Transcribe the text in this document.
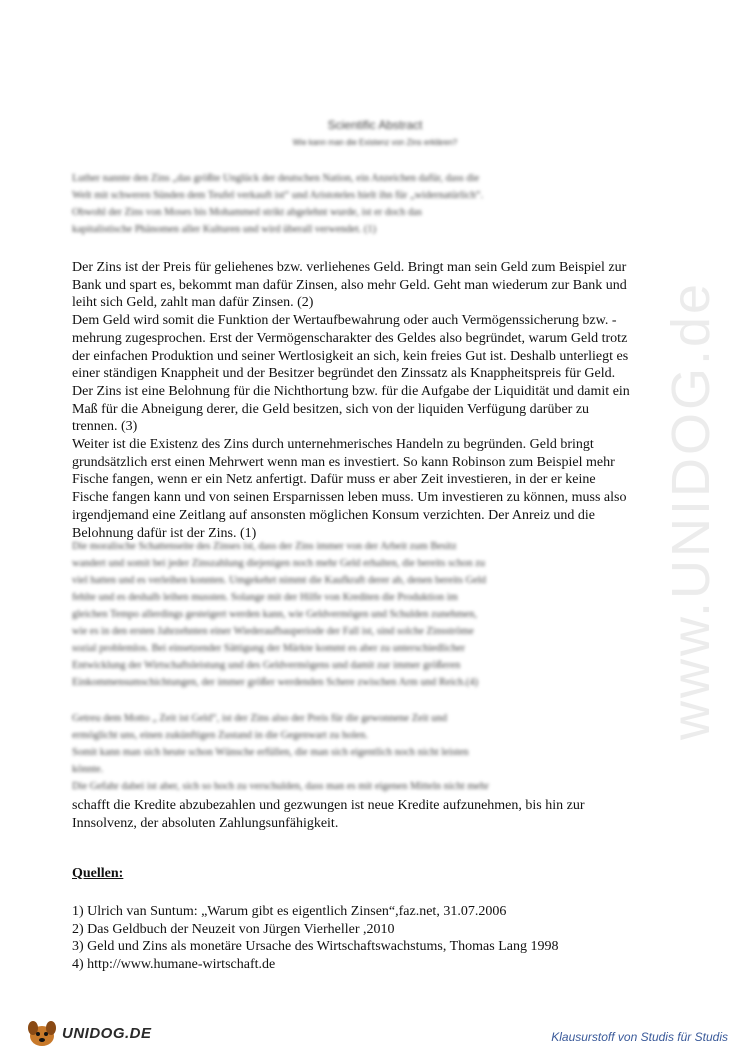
www.UNIDOG.de
Scientific Abstract
Wie kann man die Existenz von Zins erklären?

Luther nannte den Zins „das größte Unglück der deutschen Nation, ein Anzeichen dafür, dass die

Welt mit schweren Sünden dem Teufel verkauft ist“ und Aristoteles hielt ihn für „widernatürlich“.

Obwohl der Zins von Moses bis Mohammed strikt abgelehnt wurde, ist er doch das

kapitalistische Phänomen aller Kulturen und wird überall verwendet. (1)

Der Zins ist der Preis für geliehenes bzw. verliehenes Geld. Bringt man sein Geld zum Beispiel zur

Bank und spart es, bekommt man dafür Zinsen, also mehr Geld. Geht man wiederum zur Bank und

leiht sich Geld, zahlt man dafür Zinsen. (2)

Dem Geld wird somit die Funktion der Wertaufbewahrung oder auch Vermögenssicherung bzw. -

mehrung zugesprochen. Erst der Vermögenscharakter des Geldes also begründet, warum Geld trotz

der einfachen Produktion und seiner Wertlosigkeit an sich, kein freies Gut ist. Deshalb unterliegt es

einer ständigen Knappheit und der Besitzer begründet den Zinssatz als Knappheitspreis für Geld.

Der Zins ist eine Belohnung für die Nichthortung bzw. für die Aufgabe der Liquidität und damit ein

Maß für die Abneigung derer, die Geld besitzen, sich von der liquiden Verfügung darüber zu

trennen. (3)

Weiter ist die Existenz des Zins durch unternehmerisches Handeln zu begründen. Geld bringt

grundsätzlich erst einen Mehrwert wenn man es investiert. So kann Robinson zum Beispiel mehr

Fische fangen, wenn er ein Netz anfertigt. Dafür muss er aber Zeit investieren, in der er keine

Fische fangen kann und von seinen Ersparnissen leben muss. Um investieren zu können, muss also

irgendjemand eine Zeitlang auf ansonsten möglichen Konsum verzichten. Der Anreiz und die

Belohnung dafür ist der Zins. (1)

Die moralische Schattenseite des Zinses ist, dass der Zins immer von der Arbeit zum Besitz

wandert und somit bei jeder Zinszahlung diejenigen noch mehr Geld erhalten, die bereits schon zu

viel hatten und es verleihen konnten. Umgekehrt nimmt die Kaufkraft derer ab, denen bereits Geld

fehlte und es deshalb leihen mussten. Solange mit der Hilfe von Krediten die Produktion im

gleichen Tempo allerdings gesteigert werden kann, wie Geldvermögen und Schulden zunehmen,

wie es in den ersten Jahrzehnten einer Wiederaufbauperiode der Fall ist, sind solche Zinsströme

sozial problemlos. Bei einsetzender Sättigung der Märkte kommt es aber zu unterschiedlicher

Entwicklung der Wirtschaftsleistung und des Geldvermögens und damit zur immer größeren

Einkommensumschichtungen, der immer größer werdenden Schere zwischen Arm und Reich.(4)

Getreu dem Motto „ Zeit ist Geld“, ist der Zins also der Preis für die gewonnene Zeit und

ermöglicht uns, einen zukünftigen Zustand in die Gegenwart zu holen.

Somit kann man sich heute schon Wünsche erfüllen, die man sich eigentlich noch nicht leisten

könnte.

Die Gefahr dabei ist aber, sich so hoch zu verschulden, dass man es mit eigenen Mitteln nicht mehr

schafft die Kredite abzubezahlen und gezwungen ist neue Kredite aufzunehmen, bis hin zur

Innsolvenz, der absoluten Zahlungsunfähigkeit.

Quellen:
1) Ulrich van Suntum: „Warum gibt es eigentlich Zinsen“,faz.net, 31.07.2006
2) Das Geldbuch der Neuzeit von Jürgen Vierheller ,2010
3) Geld und Zins als monetäre Ursache des Wirtschaftswachstums, Thomas Lang 1998
4) http://www.humane-wirtschaft.de
UNIDOG.DE	Klausurstoff von Studis für Studis
